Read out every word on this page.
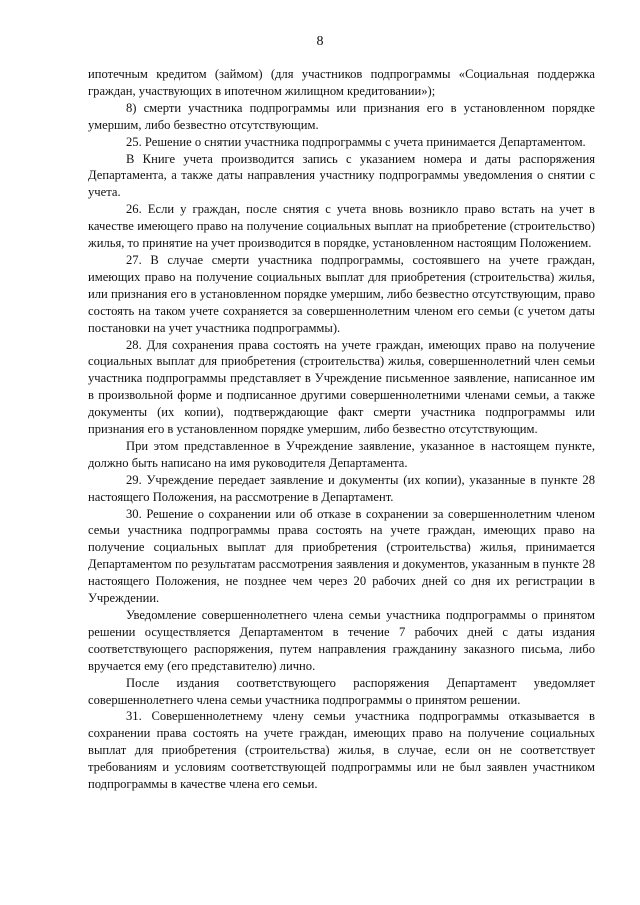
8

ипотечным кредитом (займом) (для участников подпрограммы «Социальная поддержка граждан, участвующих в ипотечном жилищном кредитовании»);

8) смерти участника подпрограммы или признания его в установленном порядке умершим, либо безвестно отсутствующим.

25. Решение о снятии участника подпрограммы с учета принимается Департаментом.

В Книге учета производится запись с указанием номера и даты распоряжения Департамента, а также даты направления участнику подпрограммы уведомления о снятии с учета.

26. Если у граждан, после снятия с учета вновь возникло право встать на учет в качестве имеющего право на получение социальных выплат на приобретение (строительство) жилья, то принятие на учет производится в порядке, установленном настоящим Положением.

27. В случае смерти участника подпрограммы, состоявшего на учете граждан, имеющих право на получение социальных выплат для приобретения (строительства) жилья, или признания его в установленном порядке умершим, либо безвестно отсутствующим, право состоять на таком учете сохраняется за совершеннолетним членом его семьи (с учетом даты постановки на учет участника подпрограммы).

28. Для сохранения права состоять на учете граждан, имеющих право на получение социальных выплат для приобретения (строительства) жилья, совершеннолетний член семьи участника подпрограммы представляет в Учреждение письменное заявление, написанное им в произвольной форме и подписанное другими совершеннолетними членами семьи, а также документы (их копии), подтверждающие факт смерти участника подпрограммы или признания его в установленном порядке умершим, либо безвестно отсутствующим.

При этом представленное в Учреждение заявление, указанное в настоящем пункте, должно быть написано на имя руководителя Департамента.

29. Учреждение передает заявление и документы (их копии), указанные в пункте 28 настоящего Положения, на рассмотрение в Департамент.

30. Решение о сохранении или об отказе в сохранении за совершеннолетним членом семьи участника подпрограммы права состоять на учете граждан, имеющих право на получение социальных выплат для приобретения (строительства) жилья, принимается Департаментом по результатам рассмотрения заявления и документов, указанным в пункте 28 настоящего Положения, не позднее чем через 20 рабочих дней со дня их регистрации в Учреждении.

Уведомление совершеннолетнего члена семьи участника подпрограммы о принятом решении осуществляется Департаментом в течение 7 рабочих дней с даты издания соответствующего распоряжения, путем направления гражданину заказного письма, либо вручается ему (его представителю) лично.

После издания соответствующего распоряжения Департамент уведомляет совершеннолетнего члена семьи участника подпрограммы о принятом решении.

31. Совершеннолетнему члену семьи участника подпрограммы отказывается в сохранении права состоять на учете граждан, имеющих право на получение социальных выплат для приобретения (строительства) жилья, в случае, если он не соответствует требованиям и условиям соответствующей подпрограммы или не был заявлен участником подпрограммы в качестве члена его семьи.
